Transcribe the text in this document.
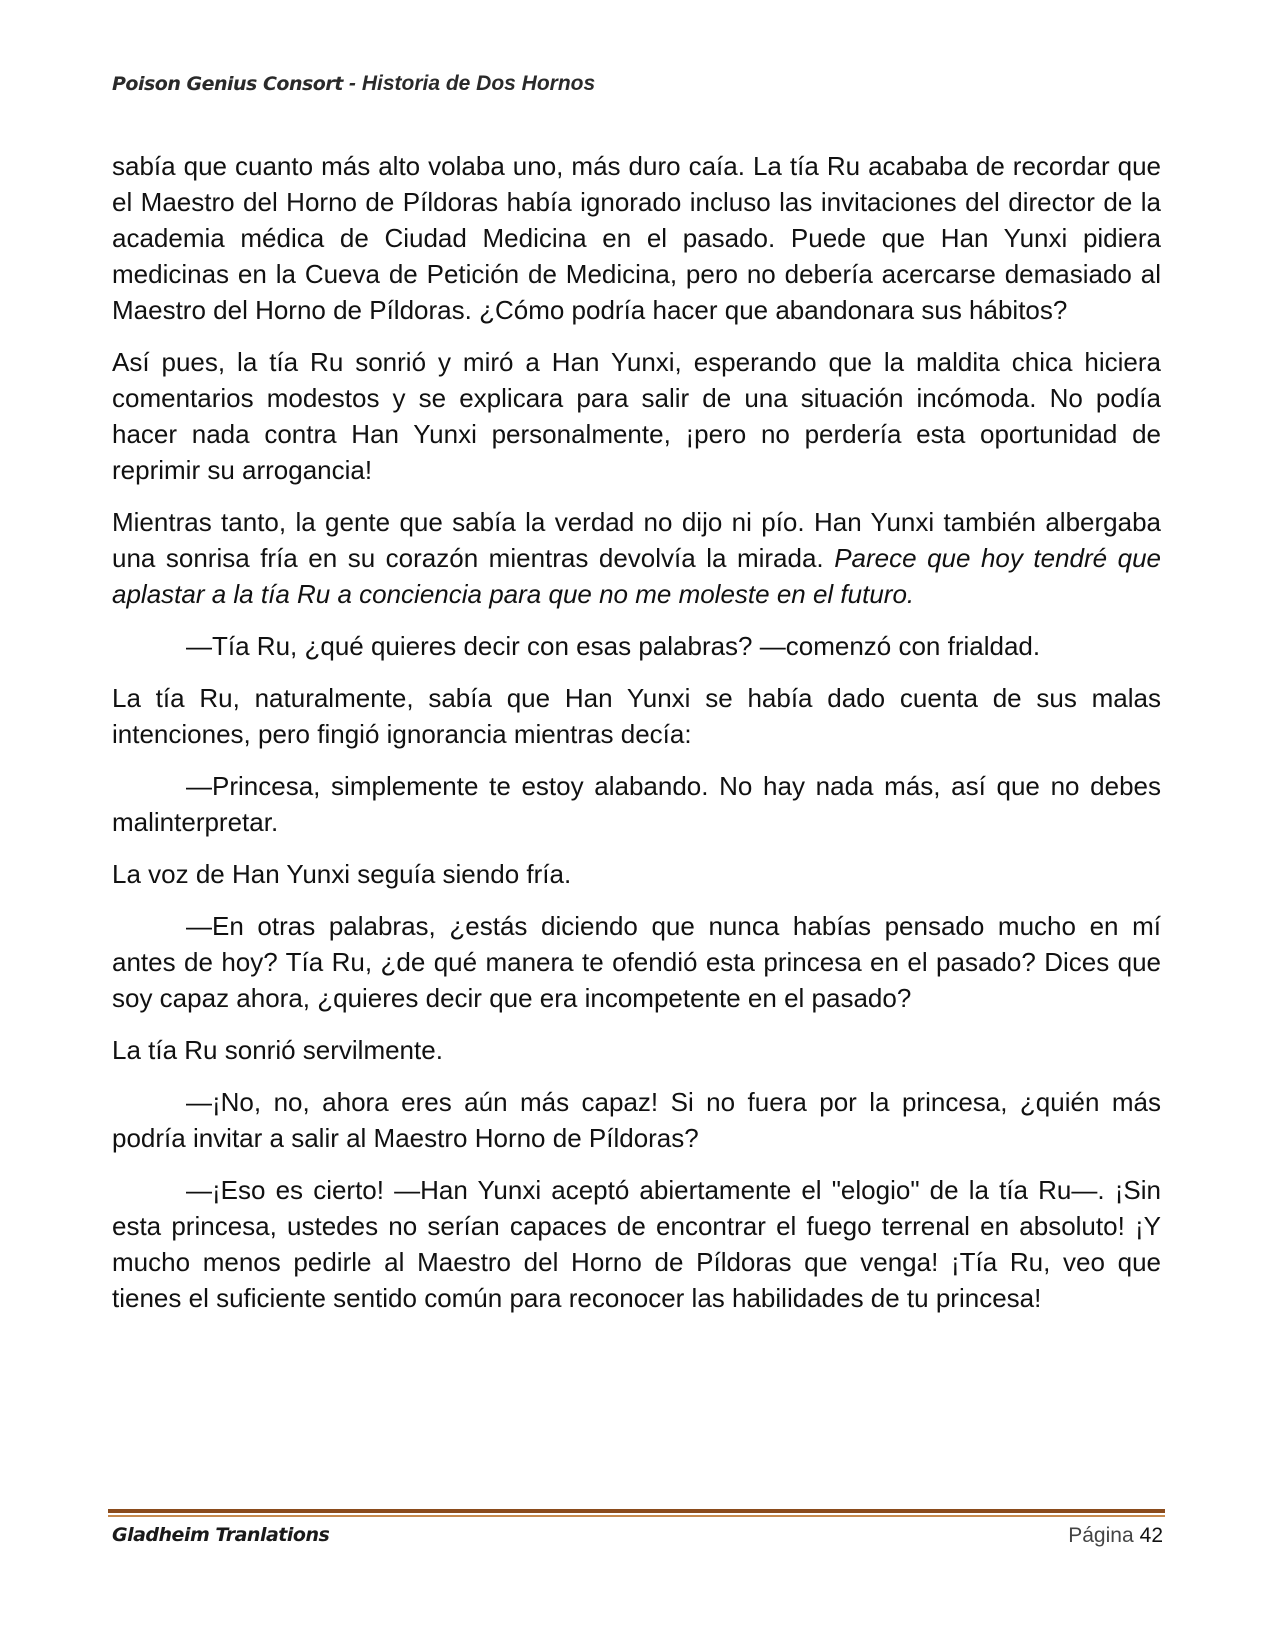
Poison Genius Consort - Historia de Dos Hornos

sabía que cuanto más alto volaba uno, más duro caía. La tía Ru acababa de recordar que el Maestro del Horno de Píldoras había ignorado incluso las invitaciones del director de la academia médica de Ciudad Medicina en el pasado. Puede que Han Yunxi pidiera medicinas en la Cueva de Petición de Medicina, pero no debería acercarse demasiado al Maestro del Horno de Píldoras. ¿Cómo podría hacer que abandonara sus hábitos?

Así pues, la tía Ru sonrió y miró a Han Yunxi, esperando que la maldita chica hiciera comentarios modestos y se explicara para salir de una situación incómoda. No podía hacer nada contra Han Yunxi personalmente, ¡pero no perdería esta oportunidad de reprimir su arrogancia!

Mientras tanto, la gente que sabía la verdad no dijo ni pío. Han Yunxi también albergaba una sonrisa fría en su corazón mientras devolvía la mirada. Parece que hoy tendré que aplastar a la tía Ru a conciencia para que no me moleste en el futuro.

—Tía Ru, ¿qué quieres decir con esas palabras? —comenzó con frialdad.

La tía Ru, naturalmente, sabía que Han Yunxi se había dado cuenta de sus malas intenciones, pero fingió ignorancia mientras decía:

—Princesa, simplemente te estoy alabando. No hay nada más, así que no debes malinterpretar.

La voz de Han Yunxi seguía siendo fría.

—En otras palabras, ¿estás diciendo que nunca habías pensado mucho en mí antes de hoy? Tía Ru, ¿de qué manera te ofendió esta princesa en el pasado? Dices que soy capaz ahora, ¿quieres decir que era incompetente en el pasado?

La tía Ru sonrió servilmente.

—¡No, no, ahora eres aún más capaz! Si no fuera por la princesa, ¿quién más podría invitar a salir al Maestro Horno de Píldoras?

—¡Eso es cierto! —Han Yunxi aceptó abiertamente el "elogio" de la tía Ru—. ¡Sin esta princesa, ustedes no serían capaces de encontrar el fuego terrenal en absoluto! ¡Y mucho menos pedirle al Maestro del Horno de Píldoras que venga! ¡Tía Ru, veo que tienes el suficiente sentido común para reconocer las habilidades de tu princesa!

Gladheim Tranlations	Página 42
